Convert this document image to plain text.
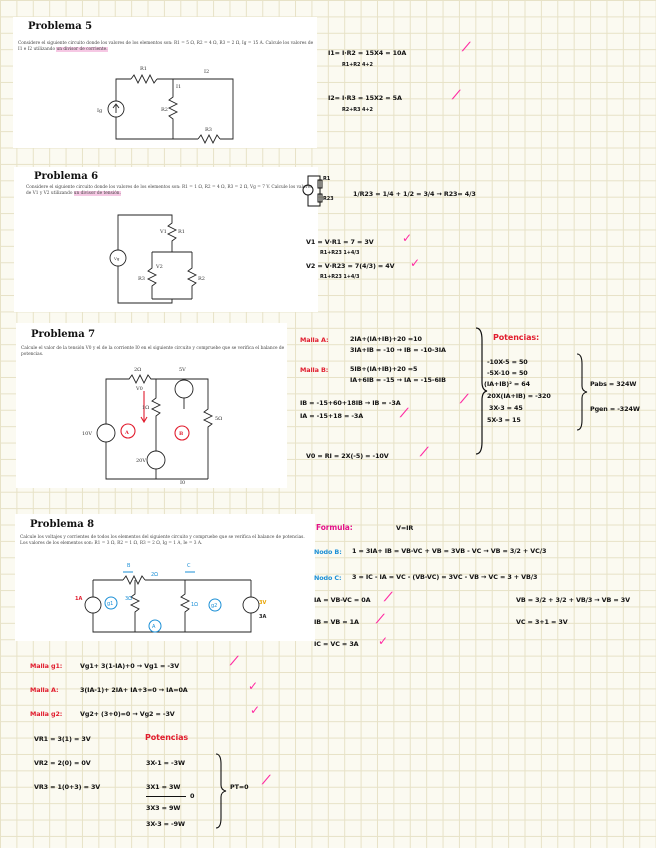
Problema 5
Considere el siguiente circuito donde los valores de los elementos son: R1 = 5 Ω, R2 = 4 Ω, R3 = 2 Ω, Ig = 15 A. Calcule los valores de I1 e I2 utilizando un divisor de corriente.
R1
R2
R3
Ig
I1
I2
Problema 6
Considere el siguiente circuito donde los valores de los elementos son: R1 = 1 Ω, R2 = 4 Ω, R3 = 2 Ω, Vg = 7 V. Calcule los valores de V1 y V2 utilizando un divisor de tensión.
Vg
V1 R1
V2
R3	R2
Problema 7
Calcule el valor de la tensión V0 y el de la corriente I0 en el siguiente circuito y compruebe que se verifica el balance de potencias.
2Ω	5V
1Ω
10V
20V
5Ω
V0
I0
A	B
Problema 8
Calcule los voltajes y corrientes de todos los elementos del siguiente circuito y compruebe que se verifica el balance de potencias. Los valores de los elementos son: R1 = 3 Ω, R2 = 1 Ω, R3 = 2 Ω, Ig = 1 A, Ie = 3 A.
B	C
3Ω
1Ω
2Ω
A
g1	g2
1A
3V
3A
I1= I·R2 = 15X4 = 10A
R1+R2 4+2
⟋
I2= I·R3 = 15X2 = 5A
R2+R3 4+2
⟋
R1
R23
1/R23 = 1/4 + 1/2 = 3/4 → R23= 4/3
V1 = V·R1 = 7 = 3V
R1+R23 1+4/3
✓
V2 = V·R23 = 7(4/3) = 4V
R1+R23 1+4/3
✓
Malla A:	2IA+(IA+IB)+20 =10
3IA+IB = -10 → IB = -10-3IA
Malla B:	5IB+(IA+IB)+20 =5
IA+6IB = -15 → IA = -15-6IB
IB = -15+60+18IB → IB = -3A	⟋
IA = -15+18 = -3A	⟋
V0 = RI = 2X(-5) = -10V	⟋
Potencias:
-10X-5 = 50
-5X-10 = 50
(IA+IB)² = 64
20X(IA+IB) = -320
3X-3 = 45
5X-3 = 15
Pabs = 324W
Pgen = -324W
Formula:	V=IR
Nodo B: 1 = 3IA+ IB = VB-VC + VB = 3VB - VC → VB = 3/2 + VC/3
Nodo C: 3 = IC - IA = VC - (VB-VC) = 3VC - VB → VC = 3 + VB/3
IA = VB-VC = 0A ⟋
IB = VB = 1A ⟋
IC = VC = 3A ✓
VB = 3/2 + 3/2 + VB/3 → VB = 3V
VC = 3+1 = 3V
Malla g1:	Vg1+ 3(1-IA)+0 → Vg1 = -3V	⟋
Malla A:	3(IA-1)+ 2IA+ IA+3=0 → IA=0A	✓
Malla g2:	Vg2+ (3+0)=0 → Vg2 = -3V	✓
VR1 = 3(1) = 3V
VR2 = 2(0) = 0V
VR3 = 1(0+3) = 3V
Potencias
3X-1 = -3W
3X1 = 3W
0
3X3 = 9W
3X-3 = -9W
PT=0 ⟋
